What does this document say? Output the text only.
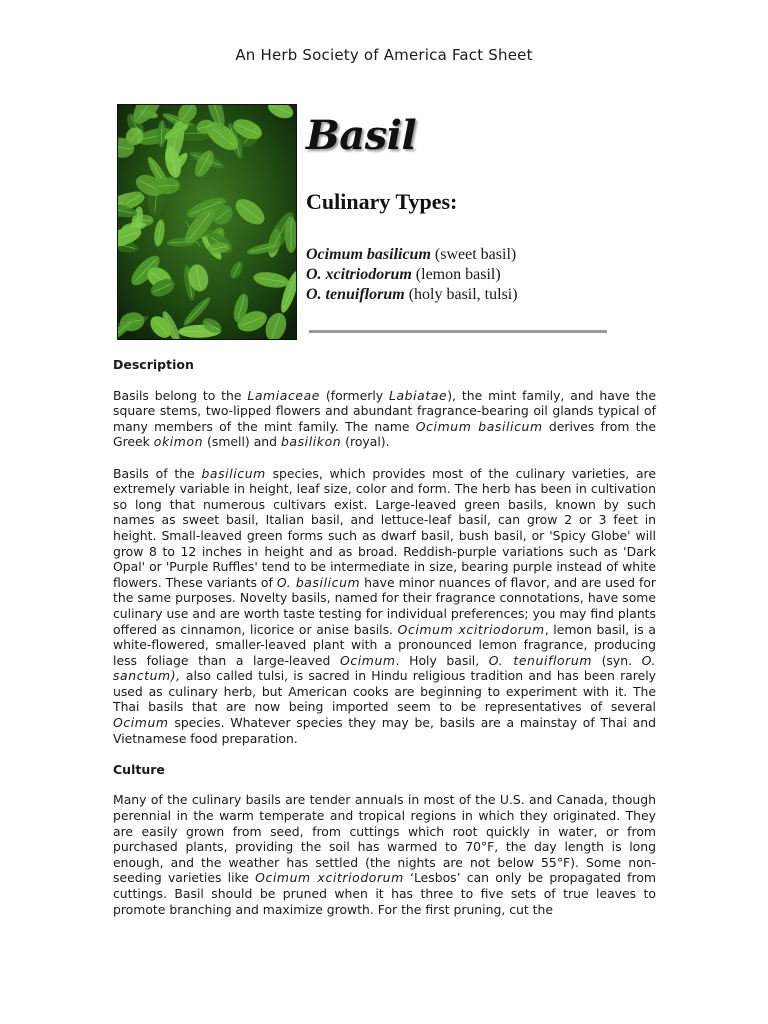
An Herb Society of America Fact Sheet
Basil
Culinary Types:
Ocimum basilicum (sweet basil)
O. xcitriodorum (lemon basil)
O. tenuiflorum (holy basil, tulsi)
Description

Basils belong to the Lamiaceae (formerly Labiatae), the mint family, and have the square stems, two-lipped flowers and abundant fragrance-bearing oil glands typical of many members of the mint family. The name Ocimum basilicum derives from the Greek okimon (smell) and basilikon (royal).

Basils of the basilicum species, which provides most of the culinary varieties, are extremely variable in height, leaf size, color and form. The herb has been in cultivation so long that numerous cultivars exist. Large-leaved green basils, known by such names as sweet basil, Italian basil, and lettuce-leaf basil, can grow 2 or 3 feet in height. Small-leaved green forms such as dwarf basil, bush basil, or 'Spicy Globe' will grow 8 to 12 inches in height and as broad. Reddish-purple variations such as 'Dark Opal' or 'Purple Ruffles' tend to be intermediate in size, bearing purple instead of white flowers. These variants of O. basilicum have minor nuances of flavor, and are used for the same purposes. Novelty basils, named for their fragrance connotations, have some culinary use and are worth taste testing for individual preferences; you may find plants offered as cinnamon, licorice or anise basils. Ocimum xcitriodorum, lemon basil, is a white-flowered, smaller-leaved plant with a pronounced lemon fragrance, producing less foliage than a large-leaved Ocimum. Holy basil, O. tenuiflorum (syn. O. sanctum), also called tulsi, is sacred in Hindu religious tradition and has been rarely used as culinary herb, but American cooks are beginning to experiment with it. The Thai basils that are now being imported seem to be representatives of several Ocimum species. Whatever species they may be, basils are a mainstay of Thai and Vietnamese food preparation.

Culture

Many of the culinary basils are tender annuals in most of the U.S. and Canada, though perennial in the warm temperate and tropical regions in which they originated. They are easily grown from seed, from cuttings which root quickly in water, or from purchased plants, providing the soil has warmed to 70°F, the day length is long enough, and the weather has settled (the nights are not below 55°F). Some non-seeding varieties like Ocimum xcitriodorum ‘Lesbos’ can only be propagated from cuttings. Basil should be pruned when it has three to five sets of true leaves to promote branching and maximize growth. For the first pruning, cut the
